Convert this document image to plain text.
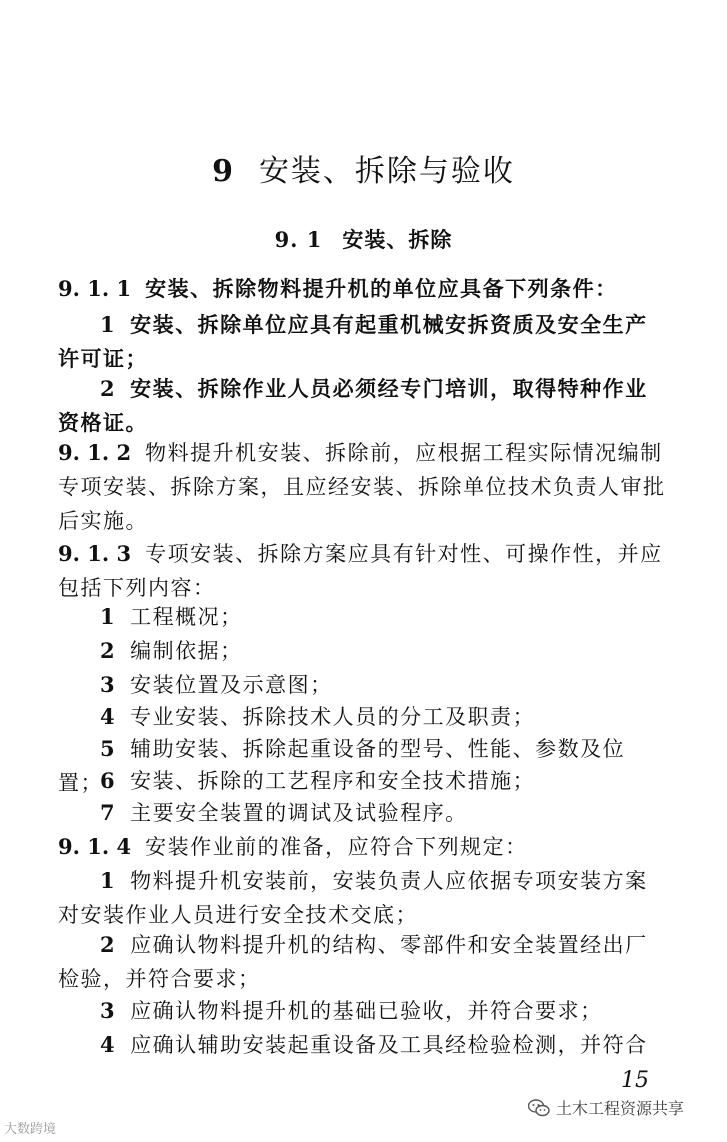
9 安装、拆除与验收
9. 1 安装、拆除
9. 1. 1 安装、拆除物料提升机的单位应具备下列条件：
1 安装、拆除单位应具有起重机械安拆资质及安全生产许可证；
2 安装、拆除作业人员必须经专门培训，取得特种作业资格证。
9. 1. 2 物料提升机安装、拆除前，应根据工程实际情况编制专项安装、拆除方案，且应经安装、拆除单位技术负责人审批后实施。
9. 1. 3 专项安装、拆除方案应具有针对性、可操作性，并应包括下列内容：
1 工程概况；
2 编制依据；
3 安装位置及示意图；
4 专业安装、拆除技术人员的分工及职责；
5 辅助安装、拆除起重设备的型号、性能、参数及位置；
6 安装、拆除的工艺程序和安全技术措施；
7 主要安全装置的调试及试验程序。
9. 1. 4 安装作业前的准备，应符合下列规定：
1 物料提升机安装前，安装负责人应依据专项安装方案对安装作业人员进行安全技术交底；
2 应确认物料提升机的结构、零部件和安全装置经出厂检验，并符合要求；
3 应确认物料提升机的基础已验收，并符合要求；
4 应确认辅助安装起重设备及工具经检验检测，并符合
15
大数跨境
土木工程资源共享
